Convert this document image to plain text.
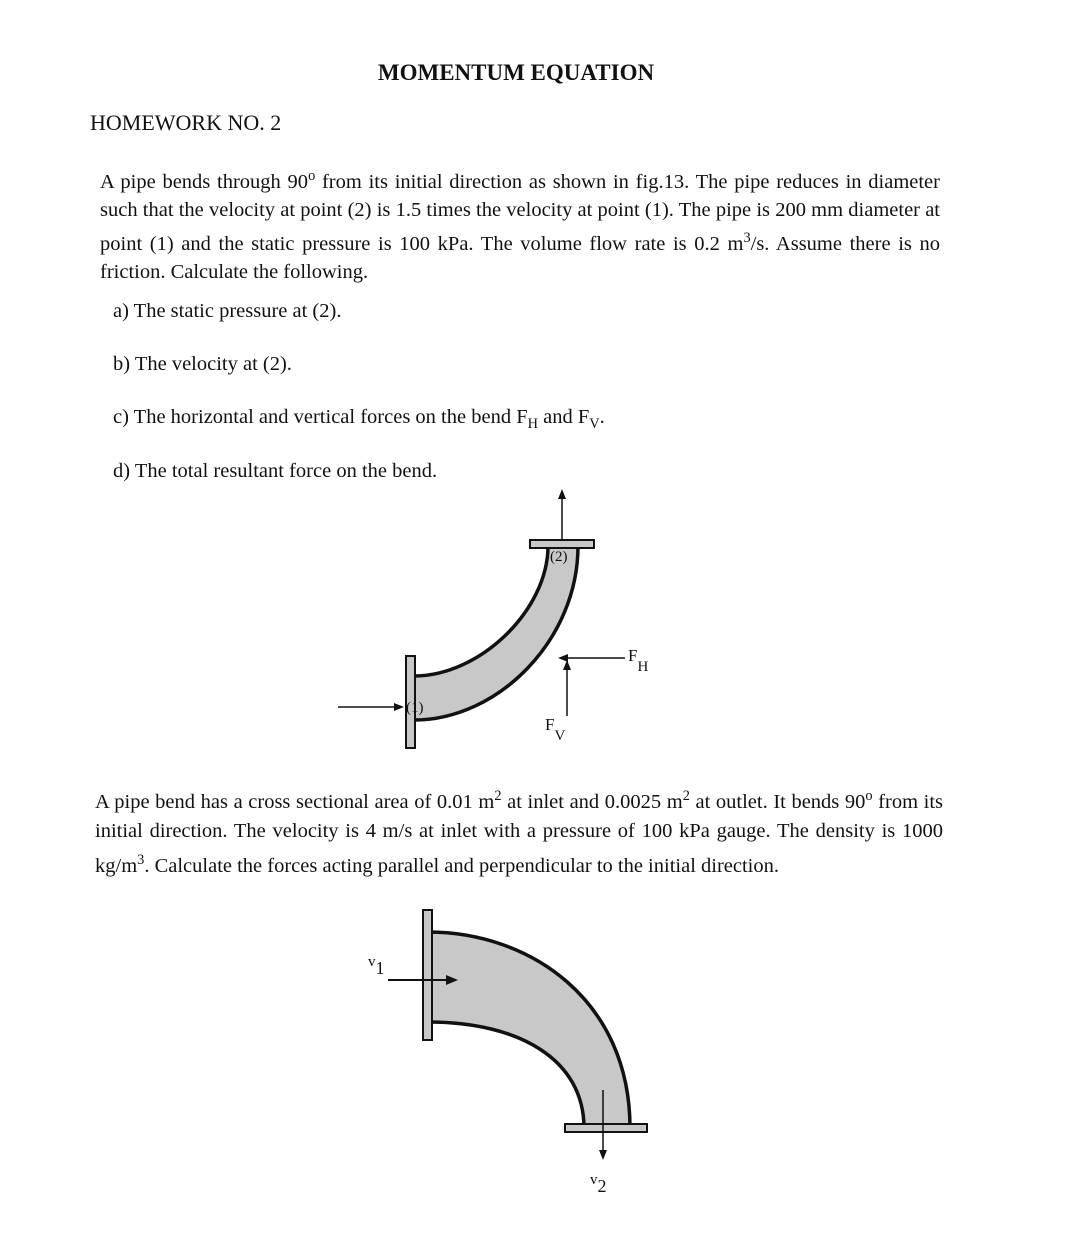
MOMENTUM EQUATION
HOMEWORK NO. 2

A pipe bends through 90$^o$ from its initial direction as shown in fig.13. The pipe reduces in diameter such that the velocity at point (2) is 1.5 times the velocity at point (1). The pipe is 200 mm diameter at point (1) and the static pressure is 100 kPa. The volume flow rate is 0.2 $m^3/s$. Assume there is no friction. Calculate the following.

a) The static pressure at (2).
b) The velocity at (2).
c) The horizontal and vertical forces on the bend $F_H$ and $F_V$.
d) The total resultant force on the bend.
(1)
(2)
FH
FV

A pipe bend has a cross sectional area of 0.01 $m^2$ at inlet and 0.0025 $m^2$ at outlet. It bends 90$^o$ from its initial direction. The velocity is 4 m/s at inlet with a pressure of 100 kPa gauge. The density is 1000 $kg/m^3$. Calculate the forces acting parallel and perpendicular to the initial direction.

v1
v2
